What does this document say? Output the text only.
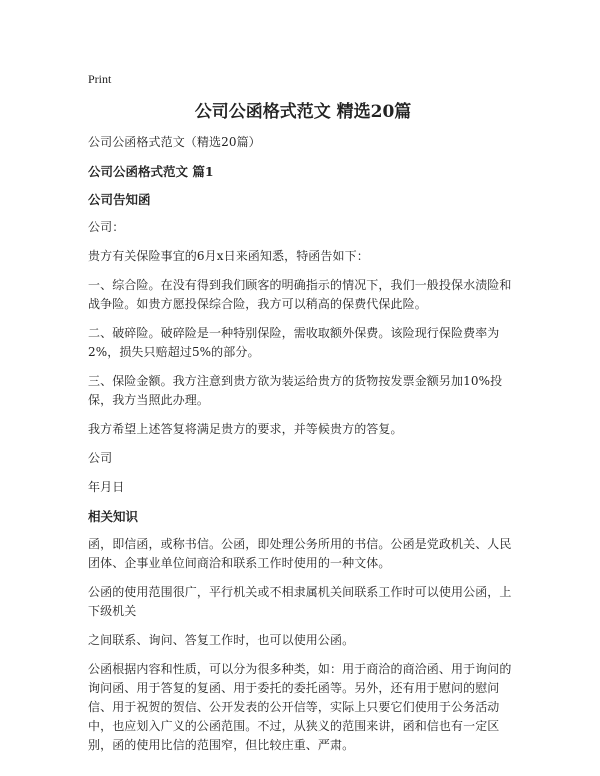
Print
公司公函格式范文 精选20篇

公司公函格式范文（精选20篇）

公司公函格式范文 篇1

公司告知函

公司：

贵方有关保险事宜的6月x日来函知悉，特函告如下：

一、综合险。在没有得到我们顾客的明确指示的情况下，我们一般投保水渍险和战争险。如贵方愿投保综合险，我方可以稍高的保费代保此险。

二、破碎险。破碎险是一种特别保险，需收取额外保费。该险现行保险费率为2%，损失只赔超过5%的部分。

三、保险金额。我方注意到贵方欲为装运给贵方的货物按发票金额另加10%投保，我方当照此办理。

我方希望上述答复将满足贵方的要求，并等候贵方的答复。

公司

年月日

相关知识

函，即信函，或称书信。公函，即处理公务所用的书信。公函是党政机关、人民团体、企事业单位间商洽和联系工作时使用的一种文体。

公函的使用范围很广，平行机关或不相隶属机关间联系工作时可以使用公函，上下级机关

之间联系、询问、答复工作时，也可以使用公函。

公函根据内容和性质，可以分为很多种类，如：用于商洽的商洽函、用于询问的询问函、用于答复的复函、用于委托的委托函等。另外，还有用于慰问的慰问信、用于祝贺的贺信、公开发表的公开信等，实际上只要它们使用于公务活动中，也应划入广义的公函范围。不过，从狭义的范围来讲，函和信也有一定区别，函的使用比信的范围窄，但比较庄重、严肃。
